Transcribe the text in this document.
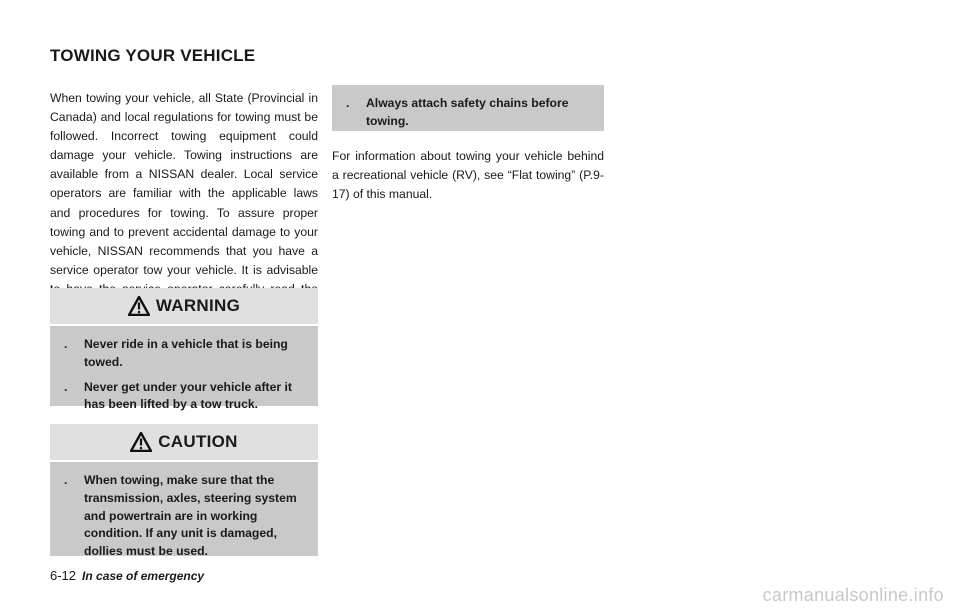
TOWING YOUR VEHICLE

When towing your vehicle, all State (Provincial in Canada) and local regulations for towing must be followed. Incorrect towing equipment could damage your vehicle. Towing instructions are available from a NISSAN dealer. Local service operators are familiar with the applicable laws and procedures for towing. To assure proper towing and to prevent accidental damage to your vehicle, NISSAN recommends that you have a service operator tow your vehicle. It is advisable

WARNING
.	Never ride in a vehicle that is being towed.
.	Never get under your vehicle after it has been lifted by a tow truck.
CAUTION
.	When towing, make sure that the transmission, axles, steering system and powertrain are in working condition. If any unit is damaged, dollies must be used.
.	Always attach safety chains before towing.

For information about towing your vehicle behind a recreational vehicle (RV), see “Flat towing” (P.9-17) of this manual.

6-12 In case of emergency
carmanualsonline.info
